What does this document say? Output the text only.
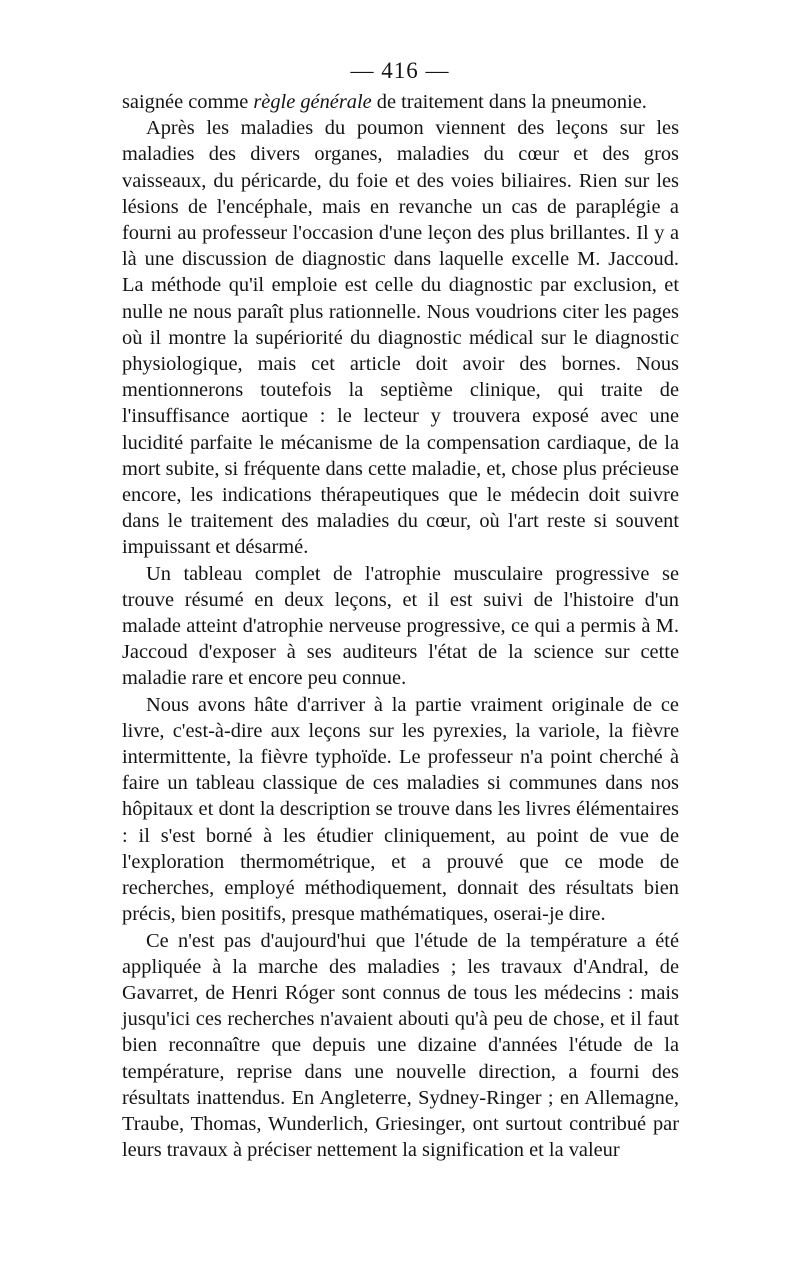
— 416 —

saignée comme règle générale de traitement dans la pneumonie.

Après les maladies du poumon viennent des leçons sur les maladies des divers organes, maladies du cœur et des gros vaisseaux, du péricarde, du foie et des voies biliaires. Rien sur les lésions de l'encéphale, mais en revanche un cas de paraplégie a fourni au professeur l'occasion d'une leçon des plus brillantes. Il y a là une discussion de diagnostic dans laquelle excelle M. Jaccoud. La méthode qu'il emploie est celle du diagnostic par exclusion, et nulle ne nous paraît plus rationnelle. Nous voudrions citer les pages où il montre la supériorité du diagnostic médical sur le diagnostic physiologique, mais cet article doit avoir des bornes. Nous mentionnerons toutefois la septième clinique, qui traite de l'insuffisance aortique : le lecteur y trouvera exposé avec une lucidité parfaite le mécanisme de la compensation cardiaque, de la mort subite, si fréquente dans cette maladie, et, chose plus précieuse encore, les indications thérapeutiques que le médecin doit suivre dans le traitement des maladies du cœur, où l'art reste si souvent impuissant et désarmé.

Un tableau complet de l'atrophie musculaire progressive se trouve résumé en deux leçons, et il est suivi de l'histoire d'un malade atteint d'atrophie nerveuse progressive, ce qui a permis à M. Jaccoud d'exposer à ses auditeurs l'état de la science sur cette maladie rare et encore peu connue.

Nous avons hâte d'arriver à la partie vraiment originale de ce livre, c'est-à-dire aux leçons sur les pyrexies, la variole, la fièvre intermittente, la fièvre typhoïde. Le professeur n'a point cherché à faire un tableau classique de ces maladies si communes dans nos hôpitaux et dont la description se trouve dans les livres élémentaires : il s'est borné à les étudier cliniquement, au point de vue de l'exploration thermométrique, et a prouvé que ce mode de recherches, employé méthodiquement, donnait des résultats bien précis, bien positifs, presque mathématiques, oserai-je dire.

Ce n'est pas d'aujourd'hui que l'étude de la température a été appliquée à la marche des maladies ; les travaux d'Andral, de Gavarret, de Henri Róger sont connus de tous les médecins : mais jusqu'ici ces recherches n'avaient abouti qu'à peu de chose, et il faut bien reconnaître que depuis une dizaine d'années l'étude de la température, reprise dans une nouvelle direction, a fourni des résultats inattendus. En Angleterre, Sydney-Ringer ; en Allemagne, Traube, Thomas, Wunderlich, Griesinger, ont surtout contribué par leurs travaux à préciser nettement la signification et la valeur
